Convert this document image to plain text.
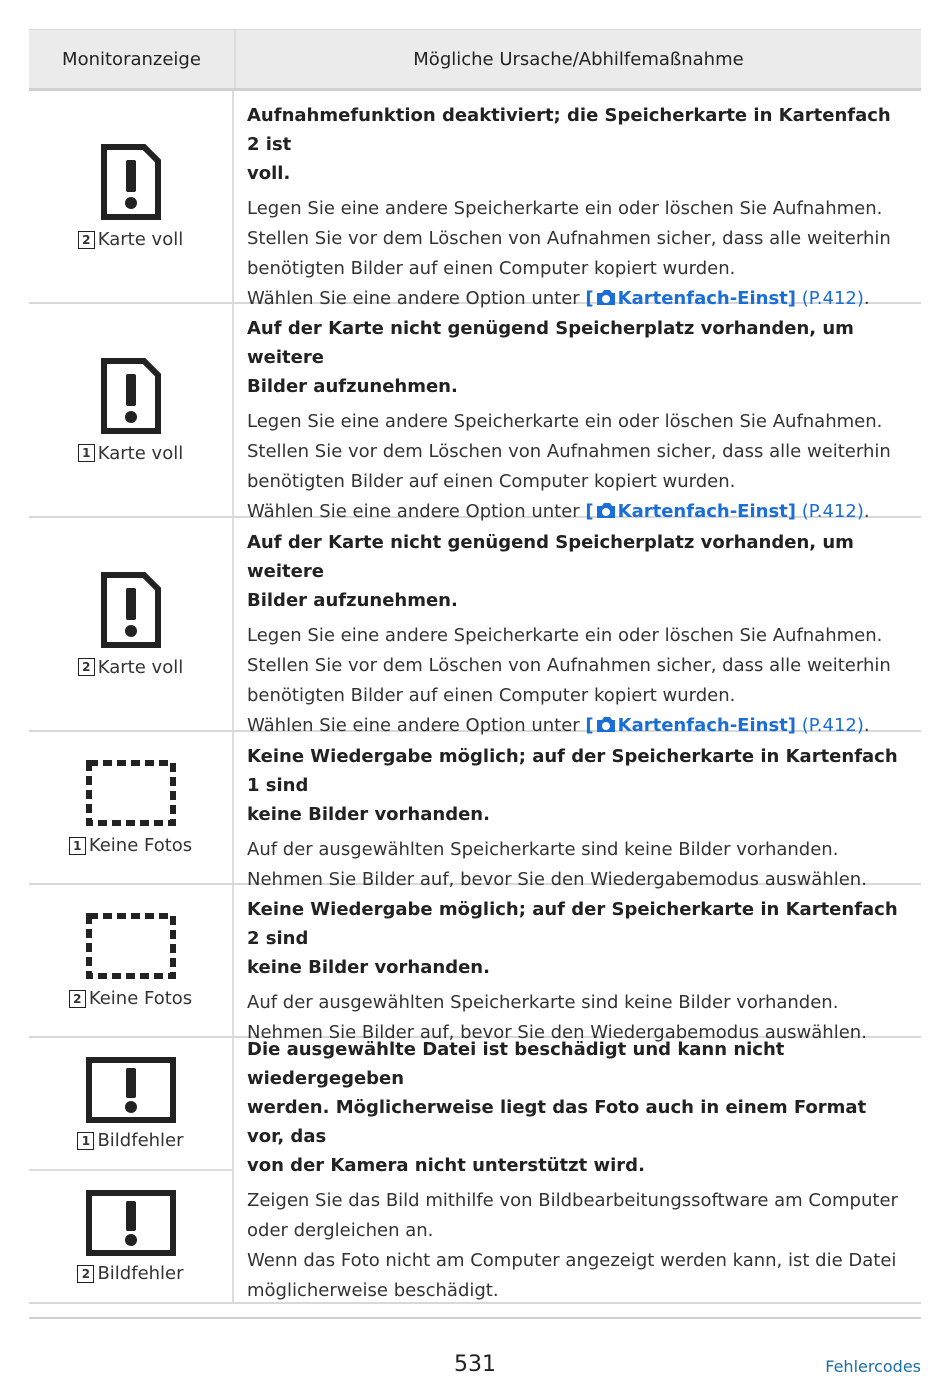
Monitoranzeige	Mögliche Ursache/Abhilfemaßnahme
2 Karte voll
Aufnahmefunktion deaktiviert; die Speicherkarte in Kartenfach 2 ist
voll.
Legen Sie eine andere Speicherkarte ein oder löschen Sie Aufnahmen.
Stellen Sie vor dem Löschen von Aufnahmen sicher, dass alle weiterhin
benötigten Bilder auf einen Computer kopiert wurden.
Wählen Sie eine andere Option unter [ Kartenfach-Einst] (P.412).
1 Karte voll
Auf der Karte nicht genügend Speicherplatz vorhanden, um weitere
Bilder aufzunehmen.
Legen Sie eine andere Speicherkarte ein oder löschen Sie Aufnahmen.
Stellen Sie vor dem Löschen von Aufnahmen sicher, dass alle weiterhin
benötigten Bilder auf einen Computer kopiert wurden.
Wählen Sie eine andere Option unter [ Kartenfach-Einst] (P.412).
2 Karte voll
Auf der Karte nicht genügend Speicherplatz vorhanden, um weitere
Bilder aufzunehmen.
Legen Sie eine andere Speicherkarte ein oder löschen Sie Aufnahmen.
Stellen Sie vor dem Löschen von Aufnahmen sicher, dass alle weiterhin
benötigten Bilder auf einen Computer kopiert wurden.
Wählen Sie eine andere Option unter [ Kartenfach-Einst] (P.412).
1 Keine Fotos
Keine Wiedergabe möglich; auf der Speicherkarte in Kartenfach 1 sind
keine Bilder vorhanden.
Auf der ausgewählten Speicherkarte sind keine Bilder vorhanden.
Nehmen Sie Bilder auf, bevor Sie den Wiedergabemodus auswählen.
2 Keine Fotos
Keine Wiedergabe möglich; auf der Speicherkarte in Kartenfach 2 sind
keine Bilder vorhanden.
Auf der ausgewählten Speicherkarte sind keine Bilder vorhanden.
Nehmen Sie Bilder auf, bevor Sie den Wiedergabemodus auswählen.
1 Bildfehler
2 Bildfehler
Die ausgewählte Datei ist beschädigt und kann nicht wiedergegeben
werden. Möglicherweise liegt das Foto auch in einem Format vor, das
von der Kamera nicht unterstützt wird.
Zeigen Sie das Bild mithilfe von Bildbearbeitungssoftware am Computer
oder dergleichen an.
Wenn das Foto nicht am Computer angezeigt werden kann, ist die Datei
möglicherweise beschädigt.
531	Fehlercodes
